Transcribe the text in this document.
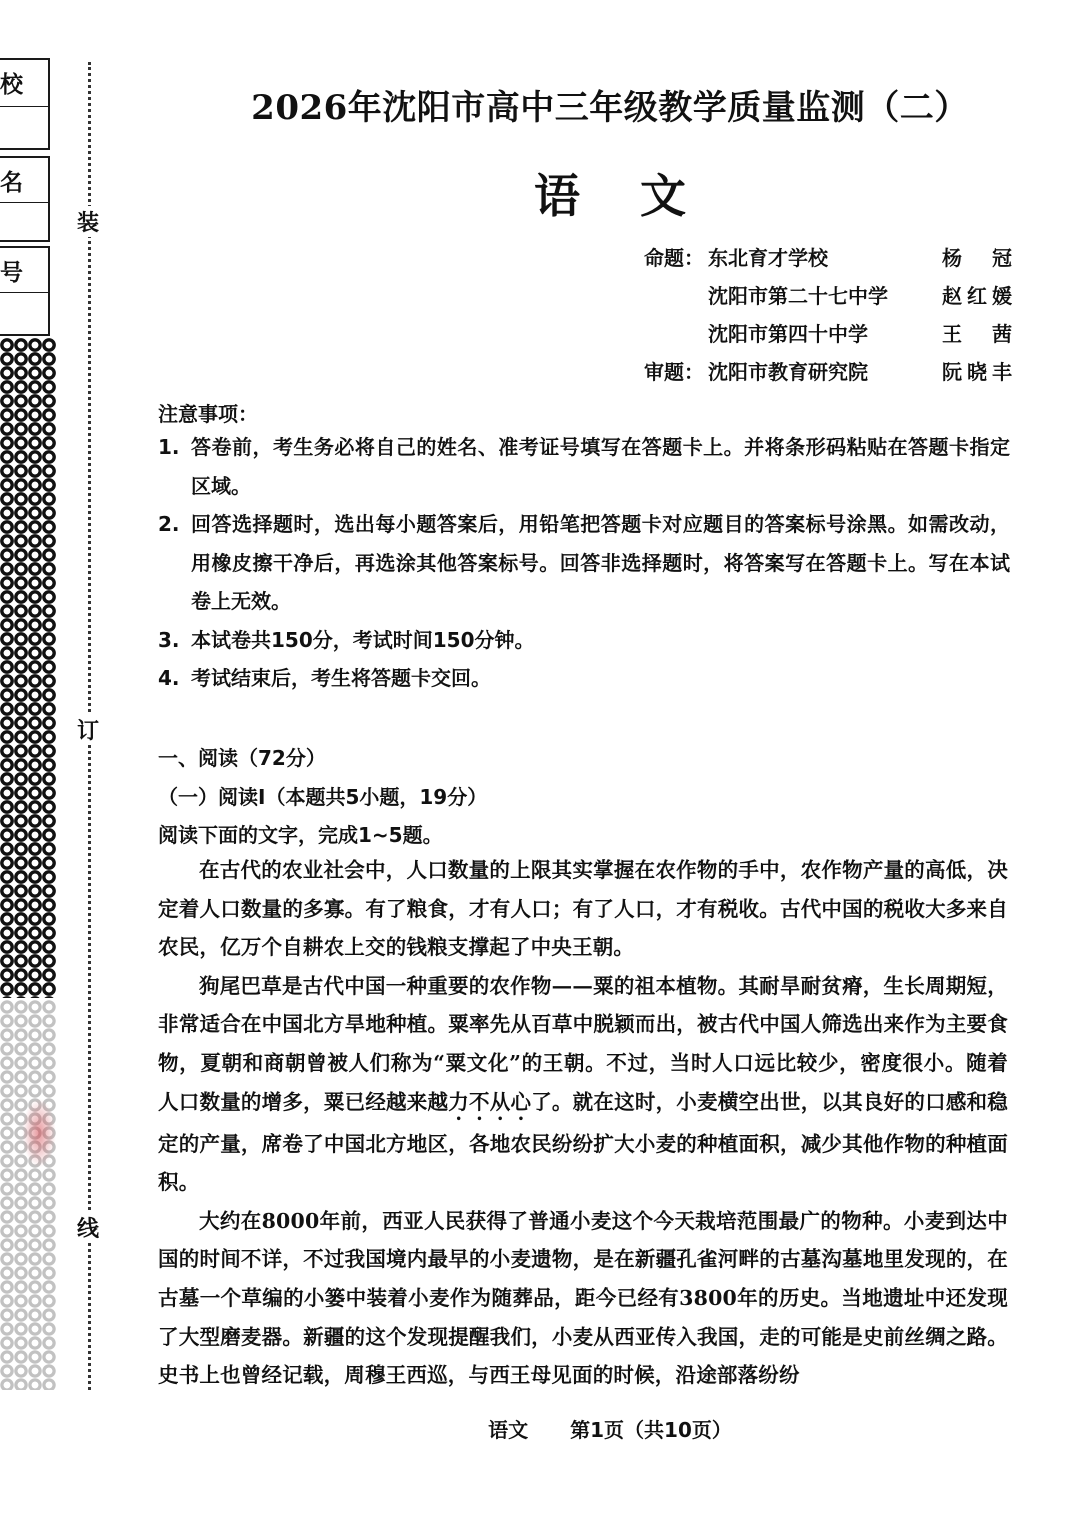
校
名
号
装
订
线
2026年沈阳市高中三年级教学质量监测（二）
语文
命题： 东北育才学校	杨冠
沈阳市第二十七中学	赵红媛
沈阳市第四十中学	王茜
审题： 沈阳市教育研究院	阮晓丰
注意事项：
1. 答卷前，考生务必将自己的姓名、准考证号填写在答题卡上。并将条形码粘贴在答题卡指定区域。
2. 回答选择题时，选出每小题答案后，用铅笔把答题卡对应题目的答案标号涂黑。如需改动，用橡皮擦干净后，再选涂其他答案标号。回答非选择题时，将答案写在答题卡上。写在本试卷上无效。
3. 本试卷共150分，考试时间150分钟。
4. 考试结束后，考生将答题卡交回。
一、阅读（72分）
（一）阅读Ⅰ（本题共5小题，19分）
阅读下面的文字，完成1~5题。

在古代的农业社会中，人口数量的上限其实掌握在农作物的手中，农作物产量的高低，决定着人口数量的多寡。有了粮食，才有人口；有了人口，才有税收。古代中国的税收大多来自农民，亿万个自耕农上交的钱粮支撑起了中央王朝。

狗尾巴草是古代中国一种重要的农作物——粟的祖本植物。其耐旱耐贫瘠，生长周期短，非常适合在中国北方旱地种植。粟率先从百草中脱颖而出，被古代中国人筛选出来作为主要食物，夏朝和商朝曾被人们称为“粟文化”的王朝。不过，当时人口远比较少，密度很小。随着人口数量的增多，粟已经越来越力不从心了。就在这时，小麦横空出世，以其良好的口感和稳定的产量，席卷了中国北方地区，各地农民纷纷扩大小麦的种植面积，减少其他作物的种植面积。

大约在8000年前，西亚人民获得了普通小麦这个今天栽培范围最广的物种。小麦到达中国的时间不详，不过我国境内最早的小麦遗物，是在新疆孔雀河畔的古墓沟墓地里发现的，在古墓一个草编的小篓中装着小麦作为随葬品，距今已经有3800年的历史。当地遗址中还发现了大型磨麦器。新疆的这个发现提醒我们，小麦从西亚传入我国，走的可能是史前丝绸之路。史书上也曾经记载，周穆王西巡，与西王母见面的时候，沿途部落纷纷

语文 第1页（共10页）
